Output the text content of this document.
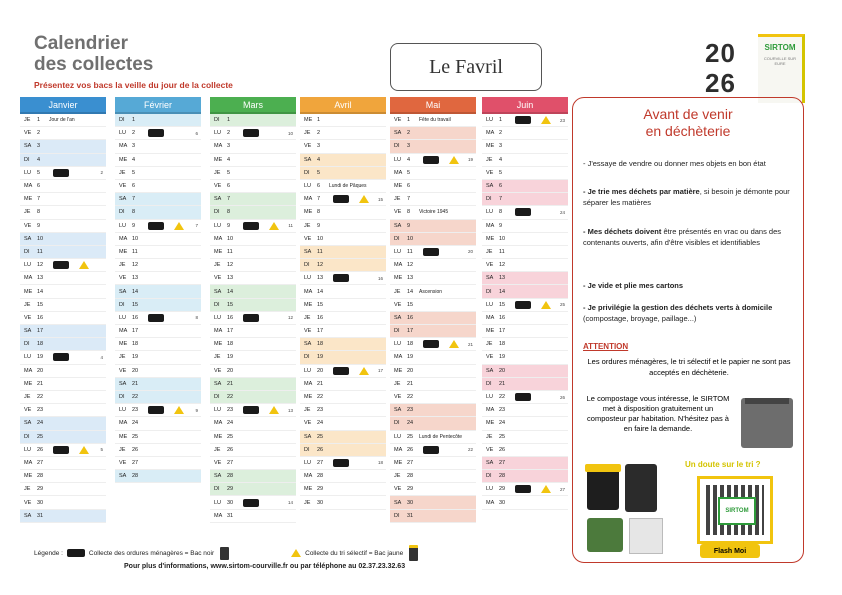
Calendrier
des collectes
Présentez vos bacs la veille du jour de la collecte
Le Favril	20
26
SIRTOM
COURVILLE SUR EURE
Janvier
JE	1	Jour de l'an
VE	2
SA	3
DI	4
LU	5	2
MA 6
ME 7
JE	8
VE	9
SA	10
DI	11
LU	12
MA 13
ME 14
JE	15
VE	16
SA	17
DI	18
LU	19	4
MA 20
ME 21
JE	22
VE	23
SA	24
DI	25
LU	26	5
MA 27
ME 28
JE	29
VE	30
SA	31
Février
DI	1
LU	2	6
MA 3
ME 4
JE	5
VE	6
SA	7
DI	8
LU	9	7
MA 10
ME 11
JE	12
VE	13
SA	14
DI	15
LU	16	8
MA 17
ME 18
JE	19
VE	20
SA	21
DI	22
LU	23	9
MA 24
ME 25
JE	26
VE	27
SA	28
Mars
DI	1
LU	2	10
MA 3
ME 4
JE	5
VE	6
SA	7
DI	8
LU	9	11
MA 10
ME 11
JE	12
VE	13
SA	14
DI	15
LU	16	12
MA 17
ME 18
JE	19
VE	20
SA	21
DI	22
LU	23	13
MA 24
ME 25
JE	26
VE	27
SA	28
DI	29
LU	30	14
MA 31
Avril
ME 1
JE	2
VE	3
SA	4
DI	5
LU	6	Lundi de Pâques
MA 7	15
ME 8
JE	9
VE	10
SA	11
DI	12
LU	13	16
MA 14
ME 15
JE	16
VE	17
SA	18
DI	19
LU	20	17
MA 21
ME 22
JE	23
VE	24
SA	25
DI	26
LU	27	18
MA 28
ME 29
JE	30
Mai
VE	1	Fête du travail
SA	2
DI	3
LU	4	19
MA 5
ME 6
JE	7
VE	8	Victoire 1945
SA	9
DI	10
LU	11	20
MA 12
ME 13
JE	14	Ascension
VE	15
SA	16
DI	17
LU	18	21
MA 19
ME 20
JE	21
VE	22
SA	23
DI	24
LU	25	Lundi de Pentecôte
MA 26	22
ME 27
JE	28
VE	29
SA	30
DI	31
Juin
LU	1	23
MA 2
ME 3
JE	4
VE	5
SA	6
DI	7
LU	8	24
MA 9
ME 10
JE	11
VE	12
SA	13
DI	14
LU	15	25
MA 16
ME 17
JE	18
VE	19
SA	20
DI	21
LU	22	26
MA 23
ME 24
JE	25
VE	26
SA	27
DI	28
LU	29	27
MA 30
Avant de venir
en déchèterie
- J'essaye de vendre ou donner mes objets en bon état
- Je trie mes déchets par matière, si besoin je démonte pour séparer les matières
- Mes déchets doivent être présentés en vrac ou dans des contenants ouverts, afin d'être visibles et identifiables
- Je vide et plie mes cartons
- Je privilégie la gestion des déchets verts à domicile (compostage, broyage, paillage...)
ATTENTION
Les ordures ménagères, le tri sélectif et le papier ne sont pas acceptés en déchèterie.
Le compostage vous intéresse, le SIRTOM met à disposition gratuitement un composteur par habitation. N'hésitez pas à en faire la demande.
Un doute sur le tri ?
SIRTOM
Flash Moi
Légende :	Collecte des ordures ménagères = Bac noir	Collecte du tri sélectif = Bac jaune
Pour plus d'informations, www.sirtom-courville.fr ou par téléphone au 02.37.23.32.63
